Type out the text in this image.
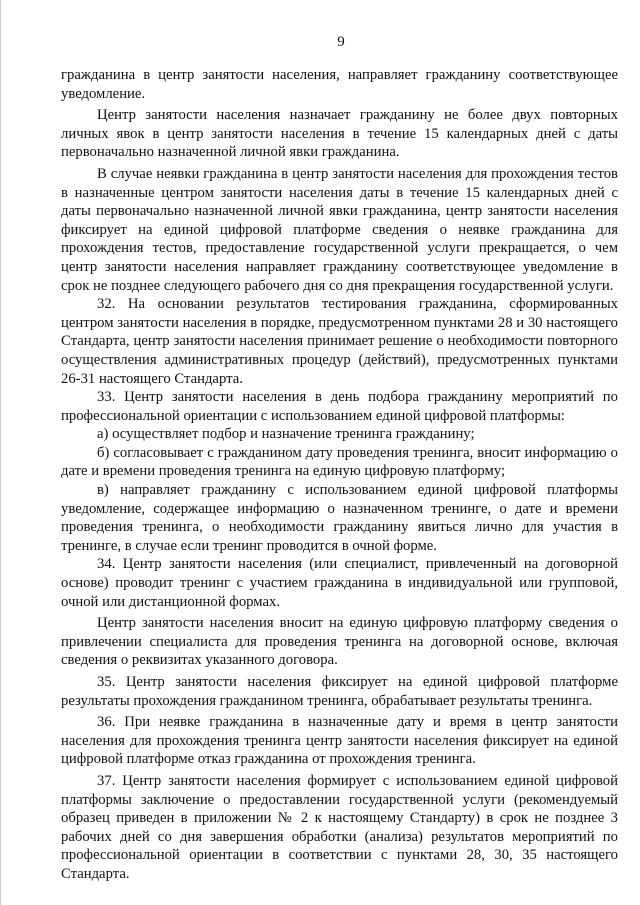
9

гражданина в центр занятости населения, направляет гражданину соответствующее уведомление.

Центр занятости населения назначает гражданину не более двух повторных личных явок в центр занятости населения в течение 15 календарных дней с даты первоначально назначенной личной явки гражданина.

В случае неявки гражданина в центр занятости населения для прохождения тестов в назначенные центром занятости населения даты в течение 15 календарных дней с даты первоначально назначенной личной явки гражданина, центр занятости населения фиксирует на единой цифровой платформе сведения о неявке гражданина для прохождения тестов, предоставление государственной услуги прекращается, о чем центр занятости населения направляет гражданину соответствующее уведомление в срок не позднее следующего рабочего дня со дня прекращения государственной услуги.

32. На основании результатов тестирования гражданина, сформированных центром занятости населения в порядке, предусмотренном пунктами 28 и 30 настоящего Стандарта, центр занятости населения принимает решение о необходимости повторного осуществления административных процедур (действий), предусмотренных пунктами 26-31 настоящего Стандарта.

33. Центр занятости населения в день подбора гражданину мероприятий по профессиональной ориентации с использованием единой цифровой платформы:

а) осуществляет подбор и назначение тренинга гражданину;

б) согласовывает с гражданином дату проведения тренинга, вносит информацию о дате и времени проведения тренинга на единую цифровую платформу;

в) направляет гражданину с использованием единой цифровой платформы уведомление, содержащее информацию о назначенном тренинге, о дате и времени проведения тренинга, о необходимости гражданину явиться лично для участия в тренинге, в случае если тренинг проводится в очной форме.

34. Центр занятости населения (или специалист, привлеченный на договорной основе) проводит тренинг с участием гражданина в индивидуальной или групповой, очной или дистанционной формах.

Центр занятости населения вносит на единую цифровую платформу сведения о привлечении специалиста для проведения тренинга на договорной основе, включая сведения о реквизитах указанного договора.

35. Центр занятости населения фиксирует на единой цифровой платформе результаты прохождения гражданином тренинга, обрабатывает результаты тренинга.

36. При неявке гражданина в назначенные дату и время в центр занятости населения для прохождения тренинга центр занятости населения фиксирует на единой цифровой платформе отказ гражданина от прохождения тренинга.

37. Центр занятости населения формирует с использованием единой цифровой платформы заключение о предоставлении государственной услуги (рекомендуемый образец приведен в приложении № 2 к настоящему Стандарту) в срок не позднее 3 рабочих дней со дня завершения обработки (анализа) результатов мероприятий по профессиональной ориентации в соответствии с пунктами 28, 30, 35 настоящего Стандарта.
